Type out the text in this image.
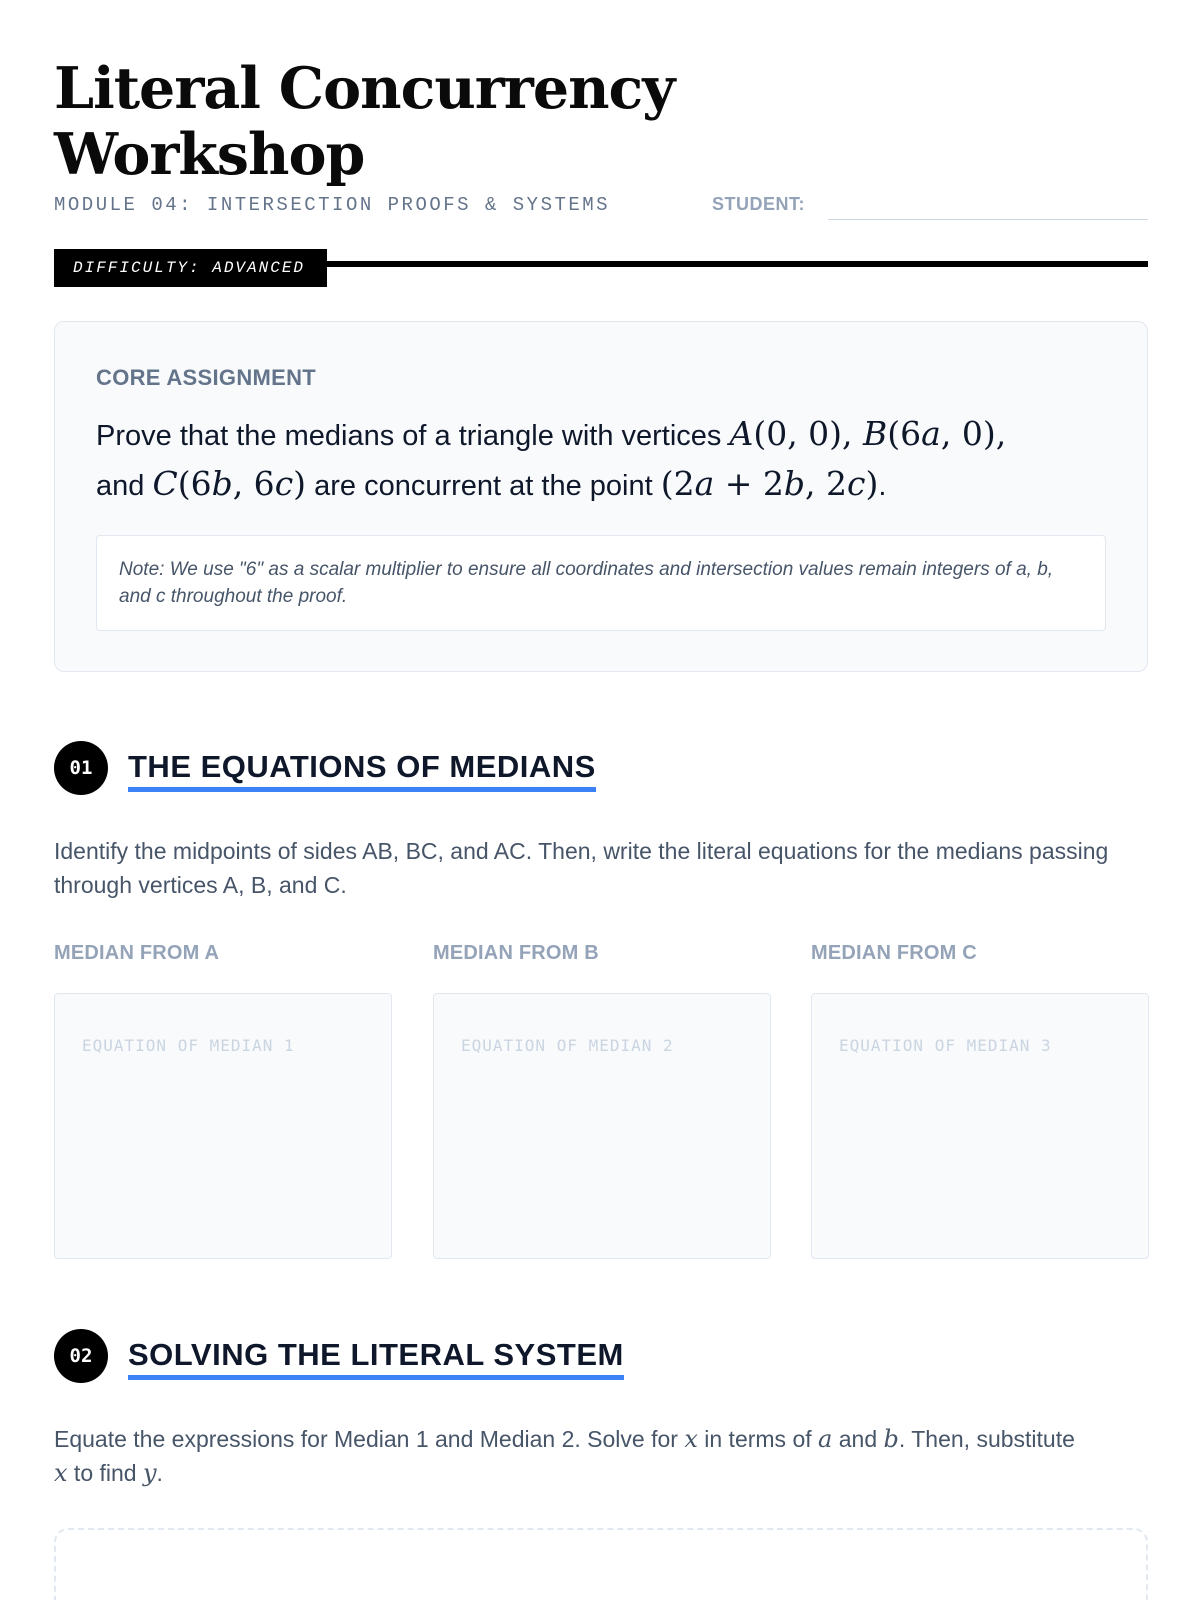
Literal Concurrency
Workshop
MODULE 04: INTERSECTION PROOFS & SYSTEMS	STUDENT:
DIFFICULTY: ADVANCED
CORE ASSIGNMENT
Prove that the medians of a triangle with vertices A(0, 0), B(6a, 0),
and C(6b, 6c) are concurrent at the point (2a + 2b, 2c).
Note: We use "6" as a scalar multiplier to ensure all coordinates and intersection values remain integers of a, b, and c throughout the proof.
01	THE EQUATIONS OF MEDIANS
Identify the midpoints of sides AB, BC, and AC. Then, write the literal equations for the medians passing through vertices A, B, and C.
MEDIAN FROM A	MEDIAN FROM B	MEDIAN FROM C
EQUATION OF MEDIAN 1	EQUATION OF MEDIAN 2	EQUATION OF MEDIAN 3
02	SOLVING THE LITERAL SYSTEM
Equate the expressions for Median 1 and Median 2. Solve for x in terms of a and b. Then, substitute
x to find y.
